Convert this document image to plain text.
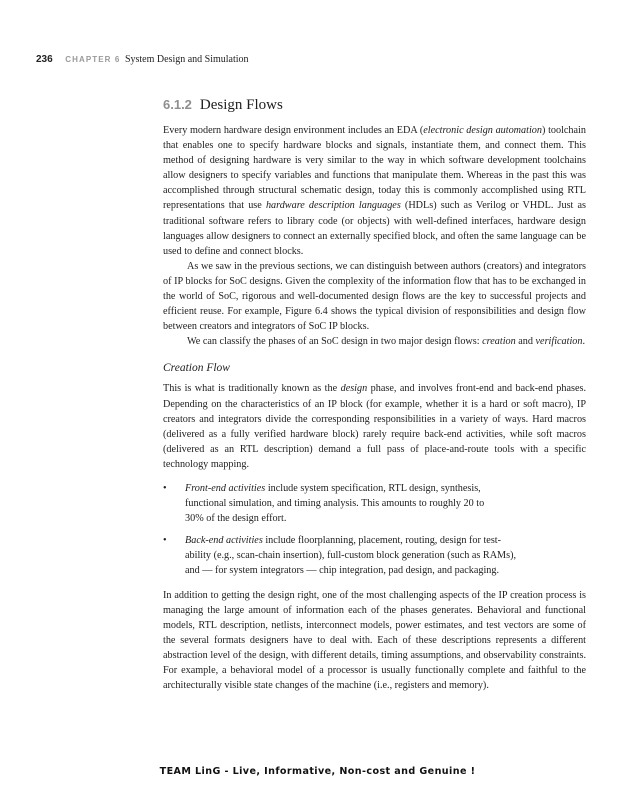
236 CHAPTER 6 System Design and Simulation
6.1.2 Design Flows

Every modern hardware design environment includes an EDA (electronic design automation) toolchain that enables one to specify hardware blocks and signals, instantiate them, and connect them. This method of designing hardware is very similar to the way in which software development toolchains allow designers to specify variables and functions that manipulate them. Whereas in the past this was accomplished through structural schematic design, today this is commonly accomplished using RTL representations that use hardware description languages (HDLs) such as Verilog or VHDL. Just as traditional software refers to library code (or objects) with well-defined interfaces, hardware design languages allow designers to connect an externally specified block, and often the same language can be used to define and connect blocks.

As we saw in the previous sections, we can distinguish between authors (creators) and integrators of IP blocks for SoC designs. Given the complexity of the information flow that has to be exchanged in the world of SoC, rigorous and well-documented design flows are the key to successful projects and efficient reuse. For example, Figure 6.4 shows the typical division of responsibilities and design flow between creators and integrators of SoC IP blocks.

We can classify the phases of an SoC design in two major design flows: creation and verification.

Creation Flow

This is what is traditionally known as the design phase, and involves front-end and back-end phases. Depending on the characteristics of an IP block (for example, whether it is a hard or soft macro), IP creators and integrators divide the corresponding responsibilities in a variety of ways. Hard macros (delivered as a fully verified hardware block) rarely require back-end activities, while soft macros (delivered as an RTL description) demand a full pass of place-and-route tools with a specific technology mapping.

• Front-end activities include system specification, RTL design, synthesis,
functional simulation, and timing analysis. This amounts to roughly 20 to
30% of the design effort.
• Back-end activities include floorplanning, placement, routing, design for test-
ability (e.g., scan-chain insertion), full-custom block generation (such as RAMs),
and — for system integrators — chip integration, pad design, and packaging.

In addition to getting the design right, one of the most challenging aspects of the IP creation process is managing the large amount of information each of the phases generates. Behavioral and functional models, RTL description, netlists, interconnect models, power estimates, and test vectors are some of the several formats designers have to deal with. Each of these descriptions represents a different abstraction level of the design, with different details, timing assumptions, and observability constraints. For example, a behavioral model of a processor is usually functionally complete and faithful to the architecturally visible state changes of the machine (i.e., registers and memory).

TEAM LinG - Live, Informative, Non-cost and Genuine !
